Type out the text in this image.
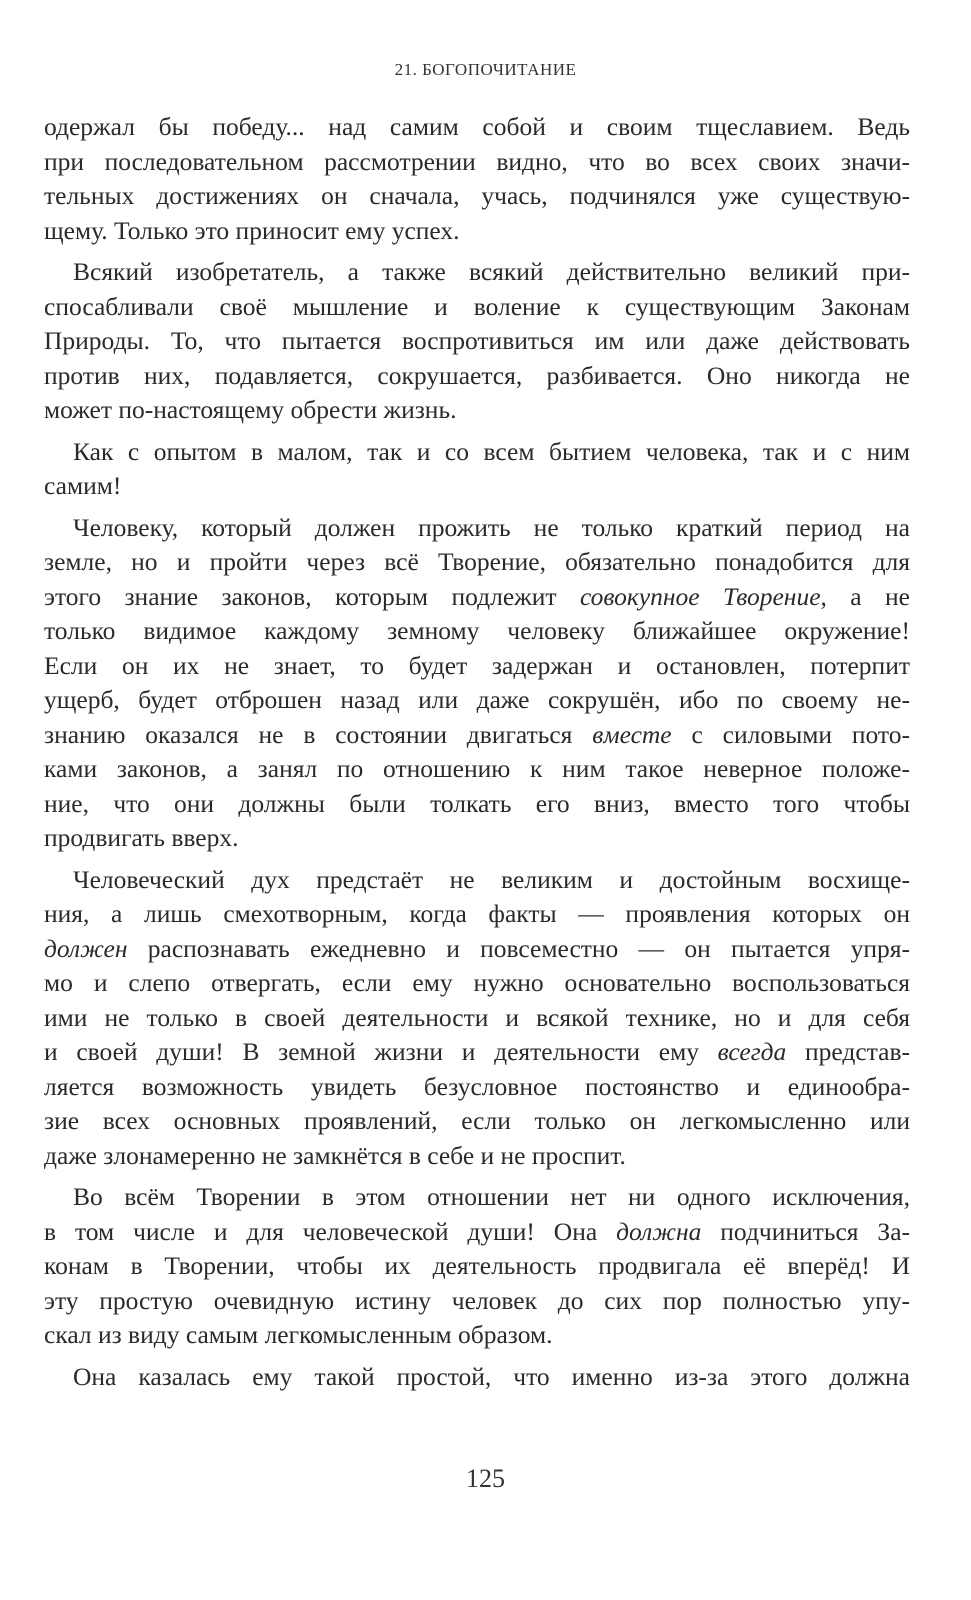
21. БОГОПОЧИТАНИЕ
одержал бы победу... над самим собой и своим тщеславием. Ведь
при последовательном рассмотрении видно, что во всех своих значи-
тельных достижениях он сначала, учась, подчинялся уже существую-
щему. Только это приносит ему успех.
Всякий изобретатель, а также всякий действительно великий при-
спосабливали своё мышление и воление к существующим Законам
Природы. То, что пытается воспротивиться им или даже действовать
против них, подавляется, сокрушается, разбивается. Оно никогда не
может по-настоящему обрести жизнь.
Как с опытом в малом, так и со всем бытием человека, так и с ним
самим!
Человеку, который должен прожить не только краткий период на
земле, но и пройти через всё Творение, обязательно понадобится для
этого знание законов, которым подлежит совокупное Творение, а не
только видимое каждому земному человеку ближайшее окружение!
Если он их не знает, то будет задержан и остановлен, потерпит
ущерб, будет отброшен назад или даже сокрушён, ибо по своему не-
знанию оказался не в состоянии двигаться вместе с силовыми пото-
ками законов, а занял по отношению к ним такое неверное положе-
ние, что они должны были толкать его вниз, вместо того чтобы
продвигать вверх.
Человеческий дух предстаёт не великим и достойным восхище-
ния, а лишь смехотворным, когда факты — проявления которых он
должен распознавать ежедневно и повсеместно — он пытается упря-
мо и слепо отвергать, если ему нужно основательно воспользоваться
ими не только в своей деятельности и всякой технике, но и для себя
и своей души! В земной жизни и деятельности ему всегда представ-
ляется возможность увидеть безусловное постоянство и единообра-
зие всех основных проявлений, если только он легкомысленно или
даже злонамеренно не замкнётся в себе и не проспит.
Во всём Творении в этом отношении нет ни одного исключения,
в том числе и для человеческой души! Она должна подчиниться За-
конам в Творении, чтобы их деятельность продвигала её вперёд! И
эту простую очевидную истину человек до сих пор полностью упу-
скал из виду самым легкомысленным образом.
Она казалась ему такой простой, что именно из-за этого должна
125
